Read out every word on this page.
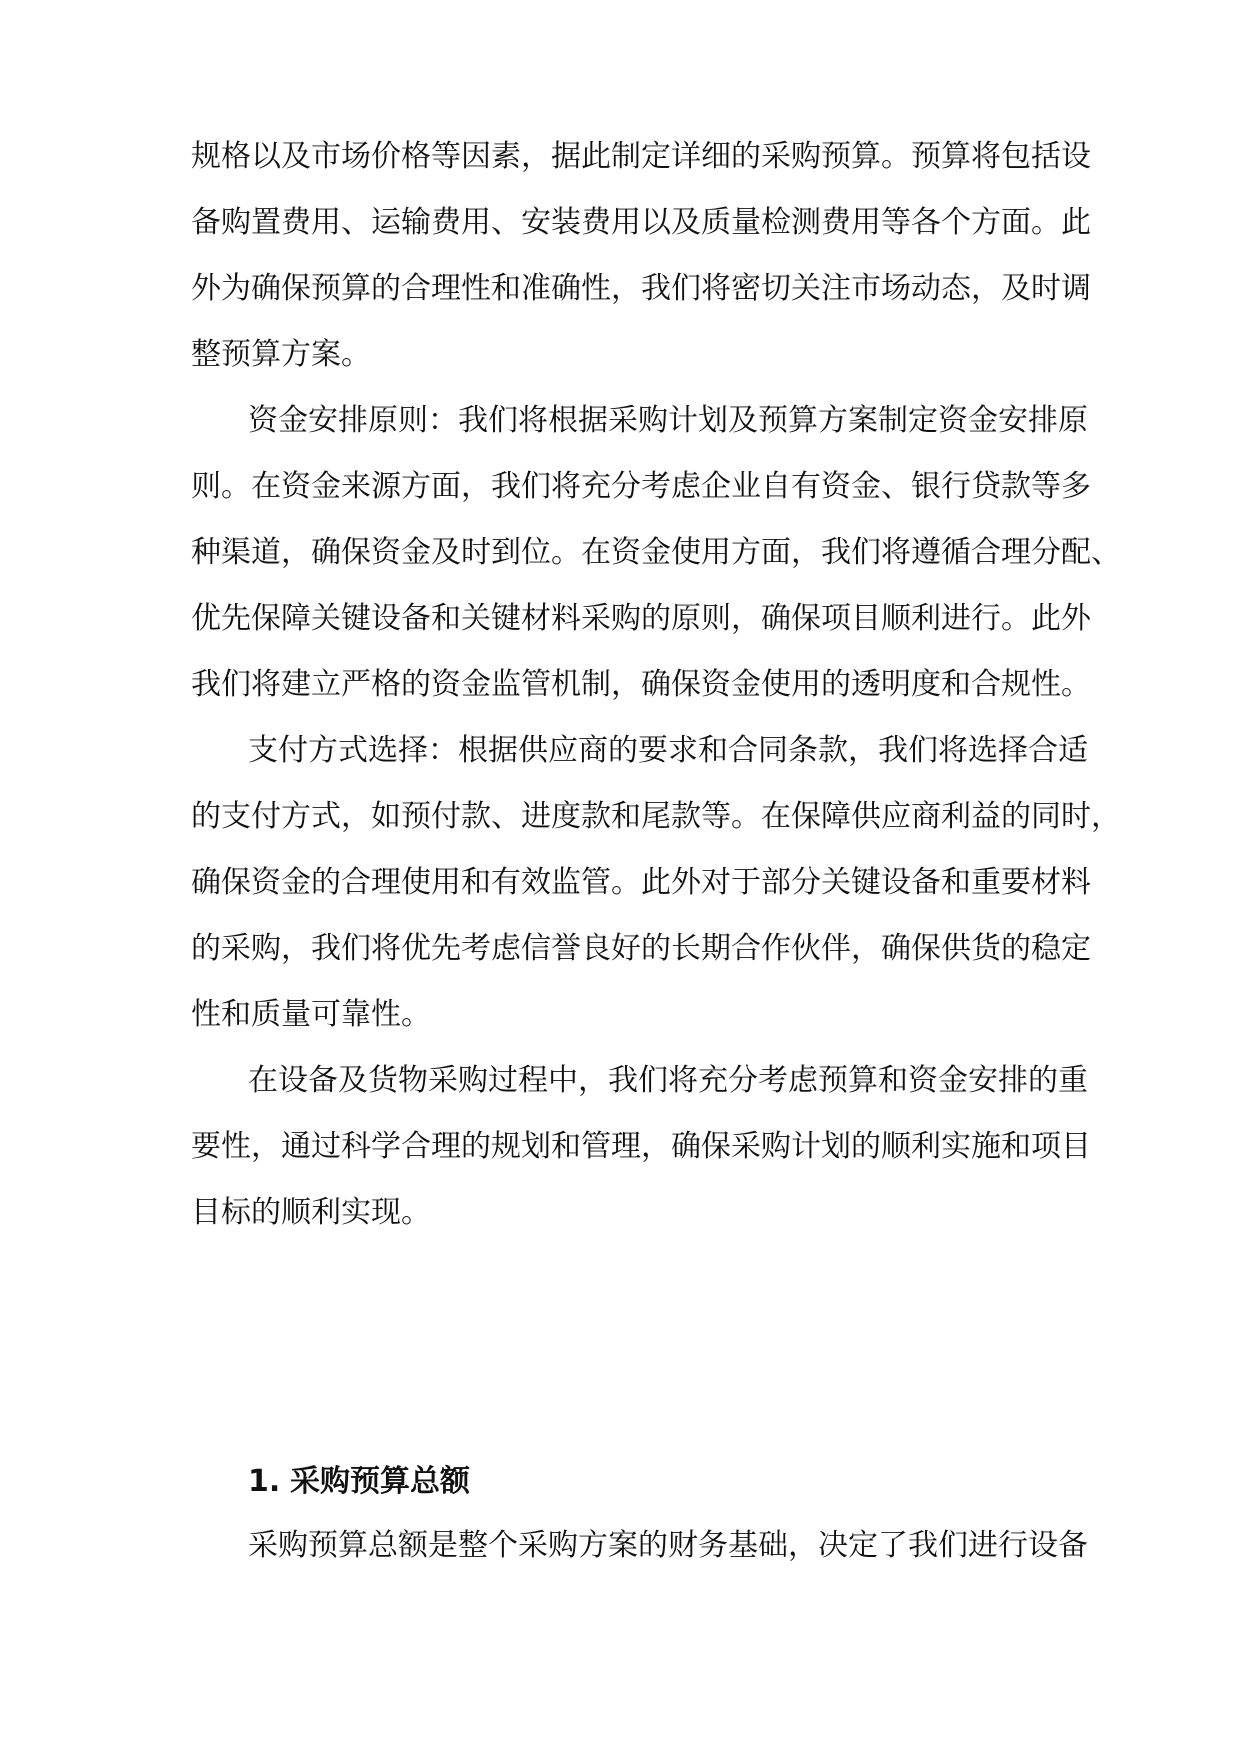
规格以及市场价格等因素，据此制定详细的采购预算。预算将包括设
备购置费用、运输费用、安装费用以及质量检测费用等各个方面。此
外为确保预算的合理性和准确性，我们将密切关注市场动态，及时调
整预算方案。
资金安排原则：我们将根据采购计划及预算方案制定资金安排原
则。在资金来源方面，我们将充分考虑企业自有资金、银行贷款等多
种渠道，确保资金及时到位。在资金使用方面，我们将遵循合理分配、
优先保障关键设备和关键材料采购的原则，确保项目顺利进行。此外
我们将建立严格的资金监管机制，确保资金使用的透明度和合规性。
支付方式选择：根据供应商的要求和合同条款，我们将选择合适
的支付方式，如预付款、进度款和尾款等。在保障供应商利益的同时，
确保资金的合理使用和有效监管。此外对于部分关键设备和重要材料
的采购，我们将优先考虑信誉良好的长期合作伙伴，确保供货的稳定
性和质量可靠性。
在设备及货物采购过程中，我们将充分考虑预算和资金安排的重
要性，通过科学合理的规划和管理，确保采购计划的顺利实施和项目
目标的顺利实现。
1. 采购预算总额
采购预算总额是整个采购方案的财务基础，决定了我们进行设备
